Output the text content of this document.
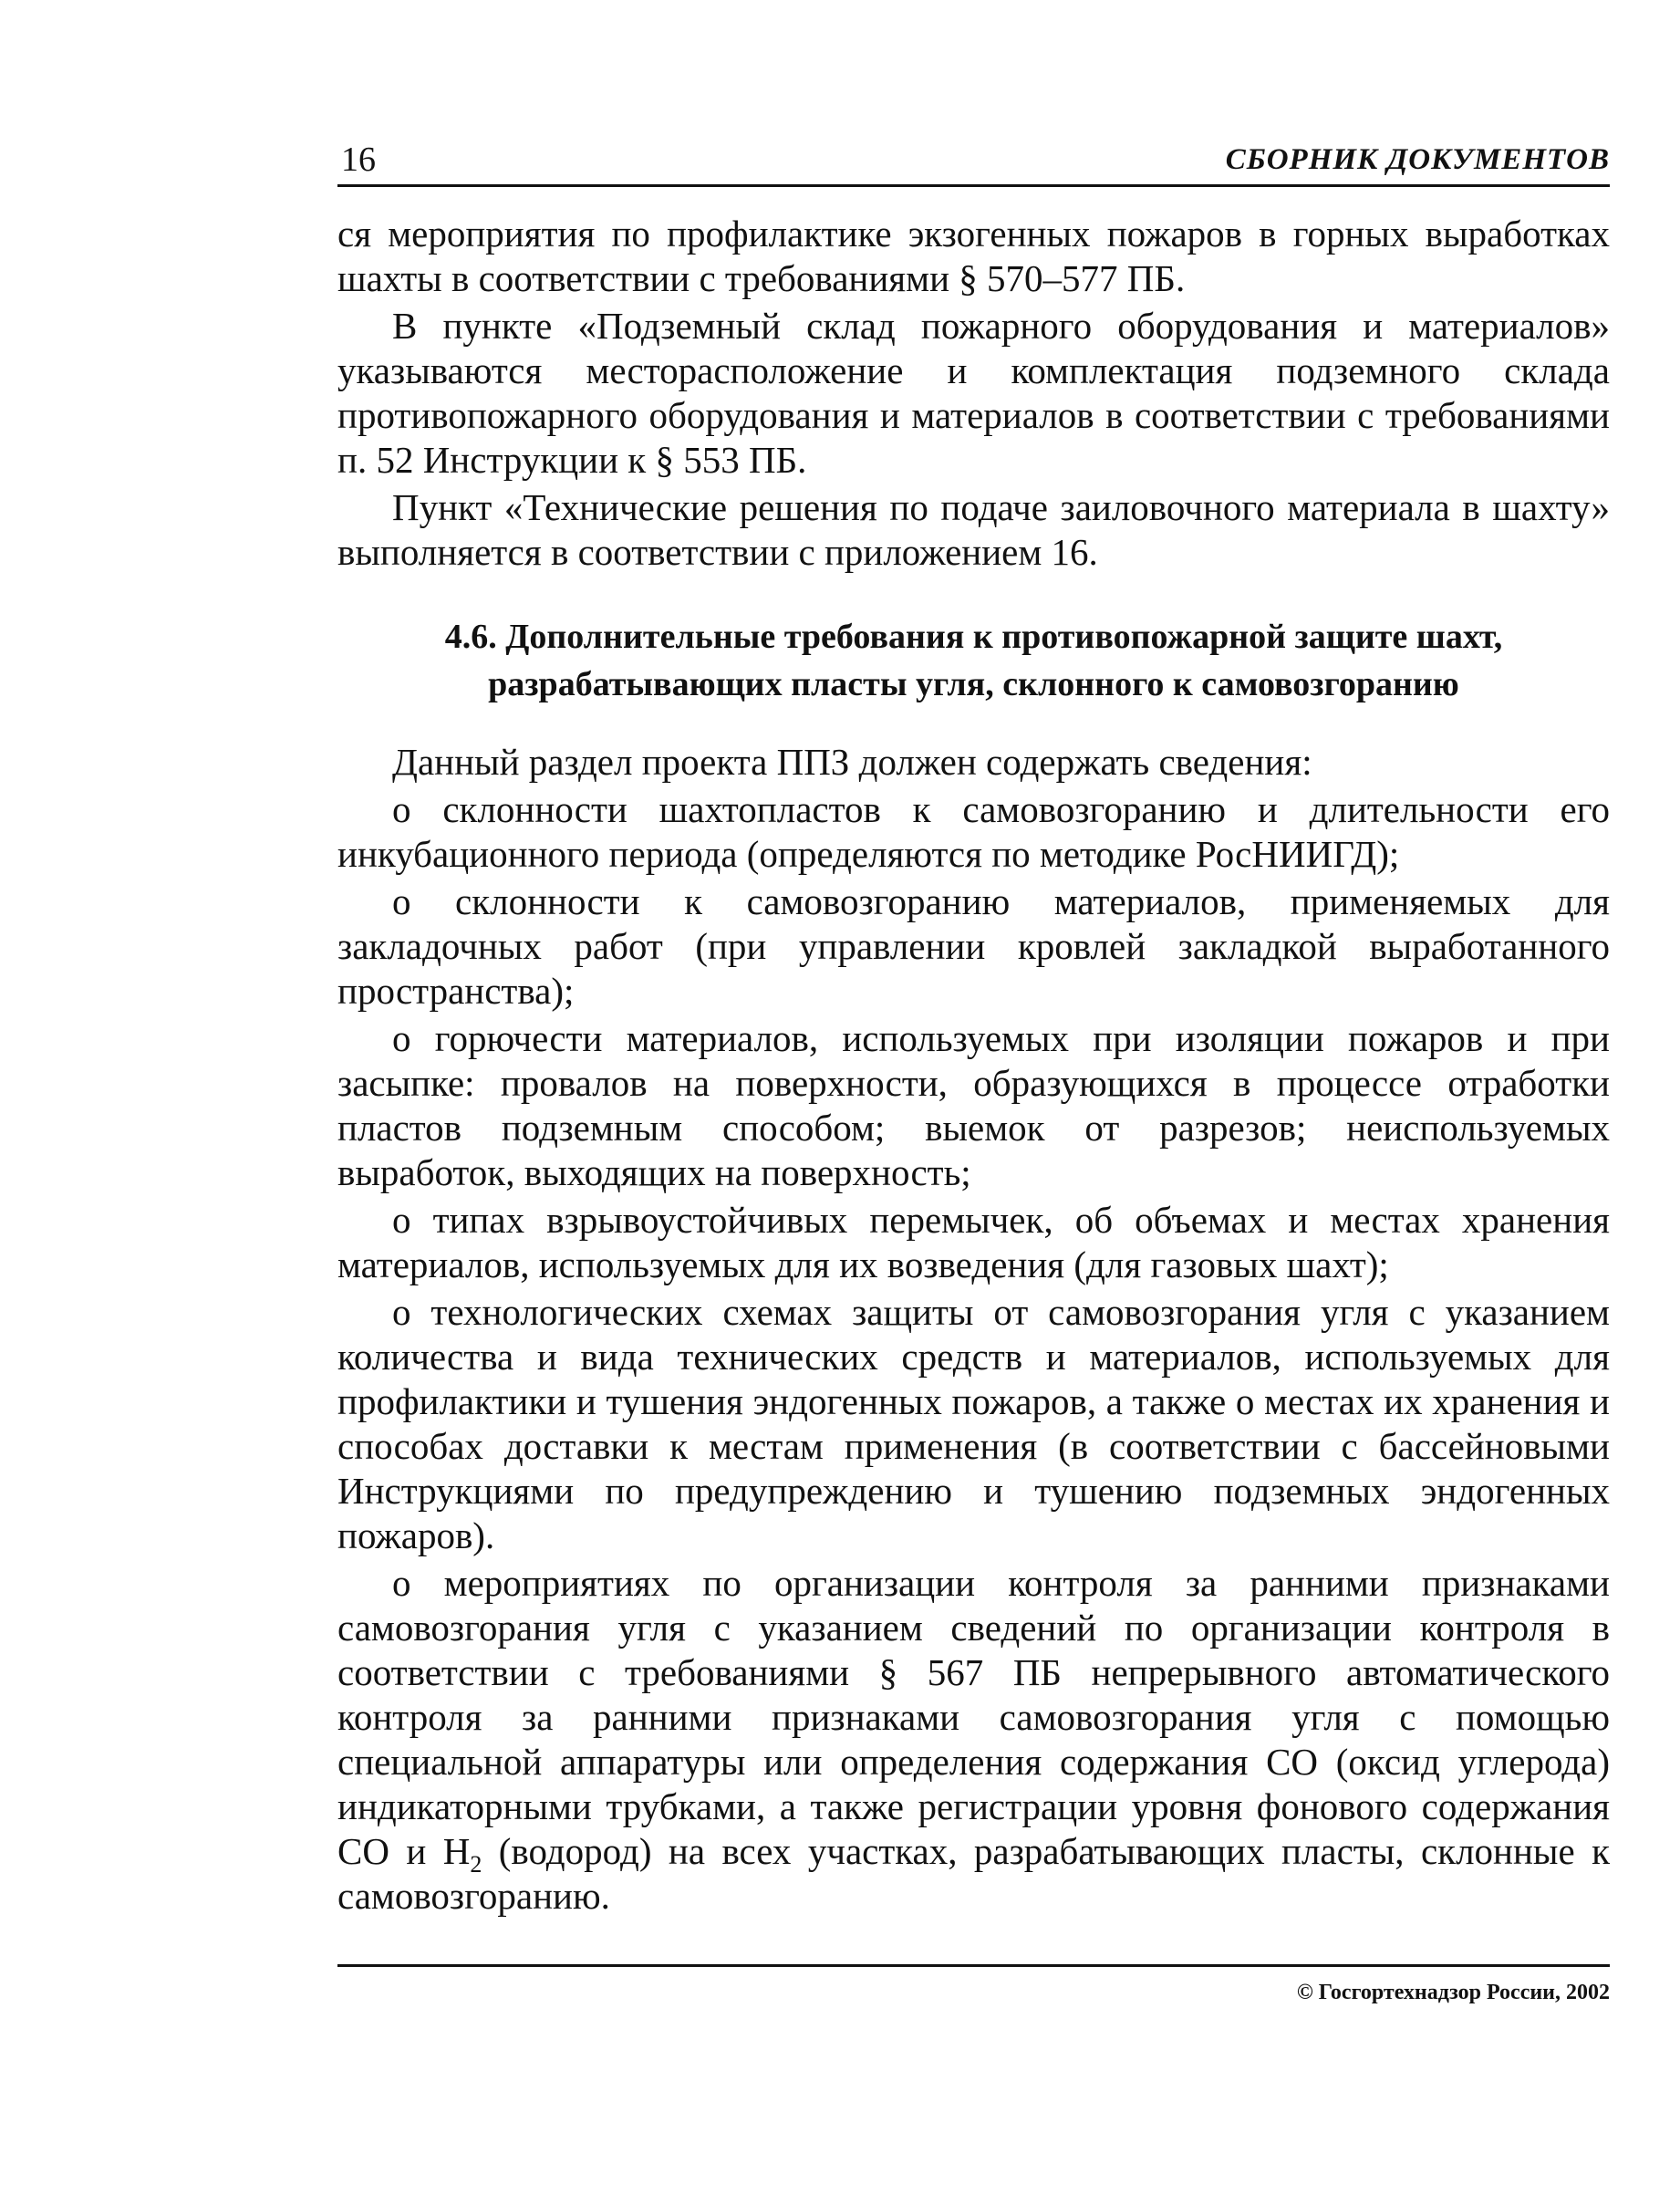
16	СБОРНИК ДОКУМЕНТОВ

ся мероприятия по профилактике экзогенных пожаров в горных выработках шахты в соответствии с требованиями § 570–577 ПБ.

В пункте «Подземный склад пожарного оборудования и материалов» указываются месторасположение и комплектация подземного склада противопожарного оборудования и материалов в соответствии с требованиями п. 52 Инструкции к § 553 ПБ.

Пункт «Технические решения по подаче заиловочного материала в шахту» выполняется в соответствии с приложением 16.

4.6. Дополнительные требования к противопожарной защите шахт, разрабатывающих пласты угля, склонного к самовозгоранию

Данный раздел проекта ППЗ должен содержать сведения:

о склонности шахтопластов к самовозгоранию и длительности его инкубационного периода (определяются по методике РосНИИГД);

о склонности к самовозгоранию материалов, применяемых для закладочных работ (при управлении кровлей закладкой выработанного пространства);

о горючести материалов, используемых при изоляции пожаров и при засыпке: провалов на поверхности, образующихся в процессе отработки пластов подземным способом; выемок от разрезов; неиспользуемых выработок, выходящих на поверхность;

о типах взрывоустойчивых перемычек, об объемах и местах хранения материалов, используемых для их возведения (для газовых шахт);

о технологических схемах защиты от самовозгорания угля с указанием количества и вида технических средств и материалов, используемых для профилактики и тушения эндогенных пожаров, а также о местах их хранения и способах доставки к местам применения (в соответствии с бассейновыми Инструкциями по предупреждению и тушению подземных эндогенных пожаров).

о мероприятиях по организации контроля за ранними признаками самовозгорания угля с указанием сведений по организации контроля в соответствии с требованиями § 567 ПБ непрерывного автоматического контроля за ранними признаками самовозгорания угля с помощью специальной аппаратуры или определения содержания СО (оксид углерода) индикаторными трубками, а также регистрации уровня фонового содержания СО и $Н_2$ (водород) на всех участках, разрабатывающих пласты, склонные к самовозгоранию.

© Госгортехнадзор России, 2002
